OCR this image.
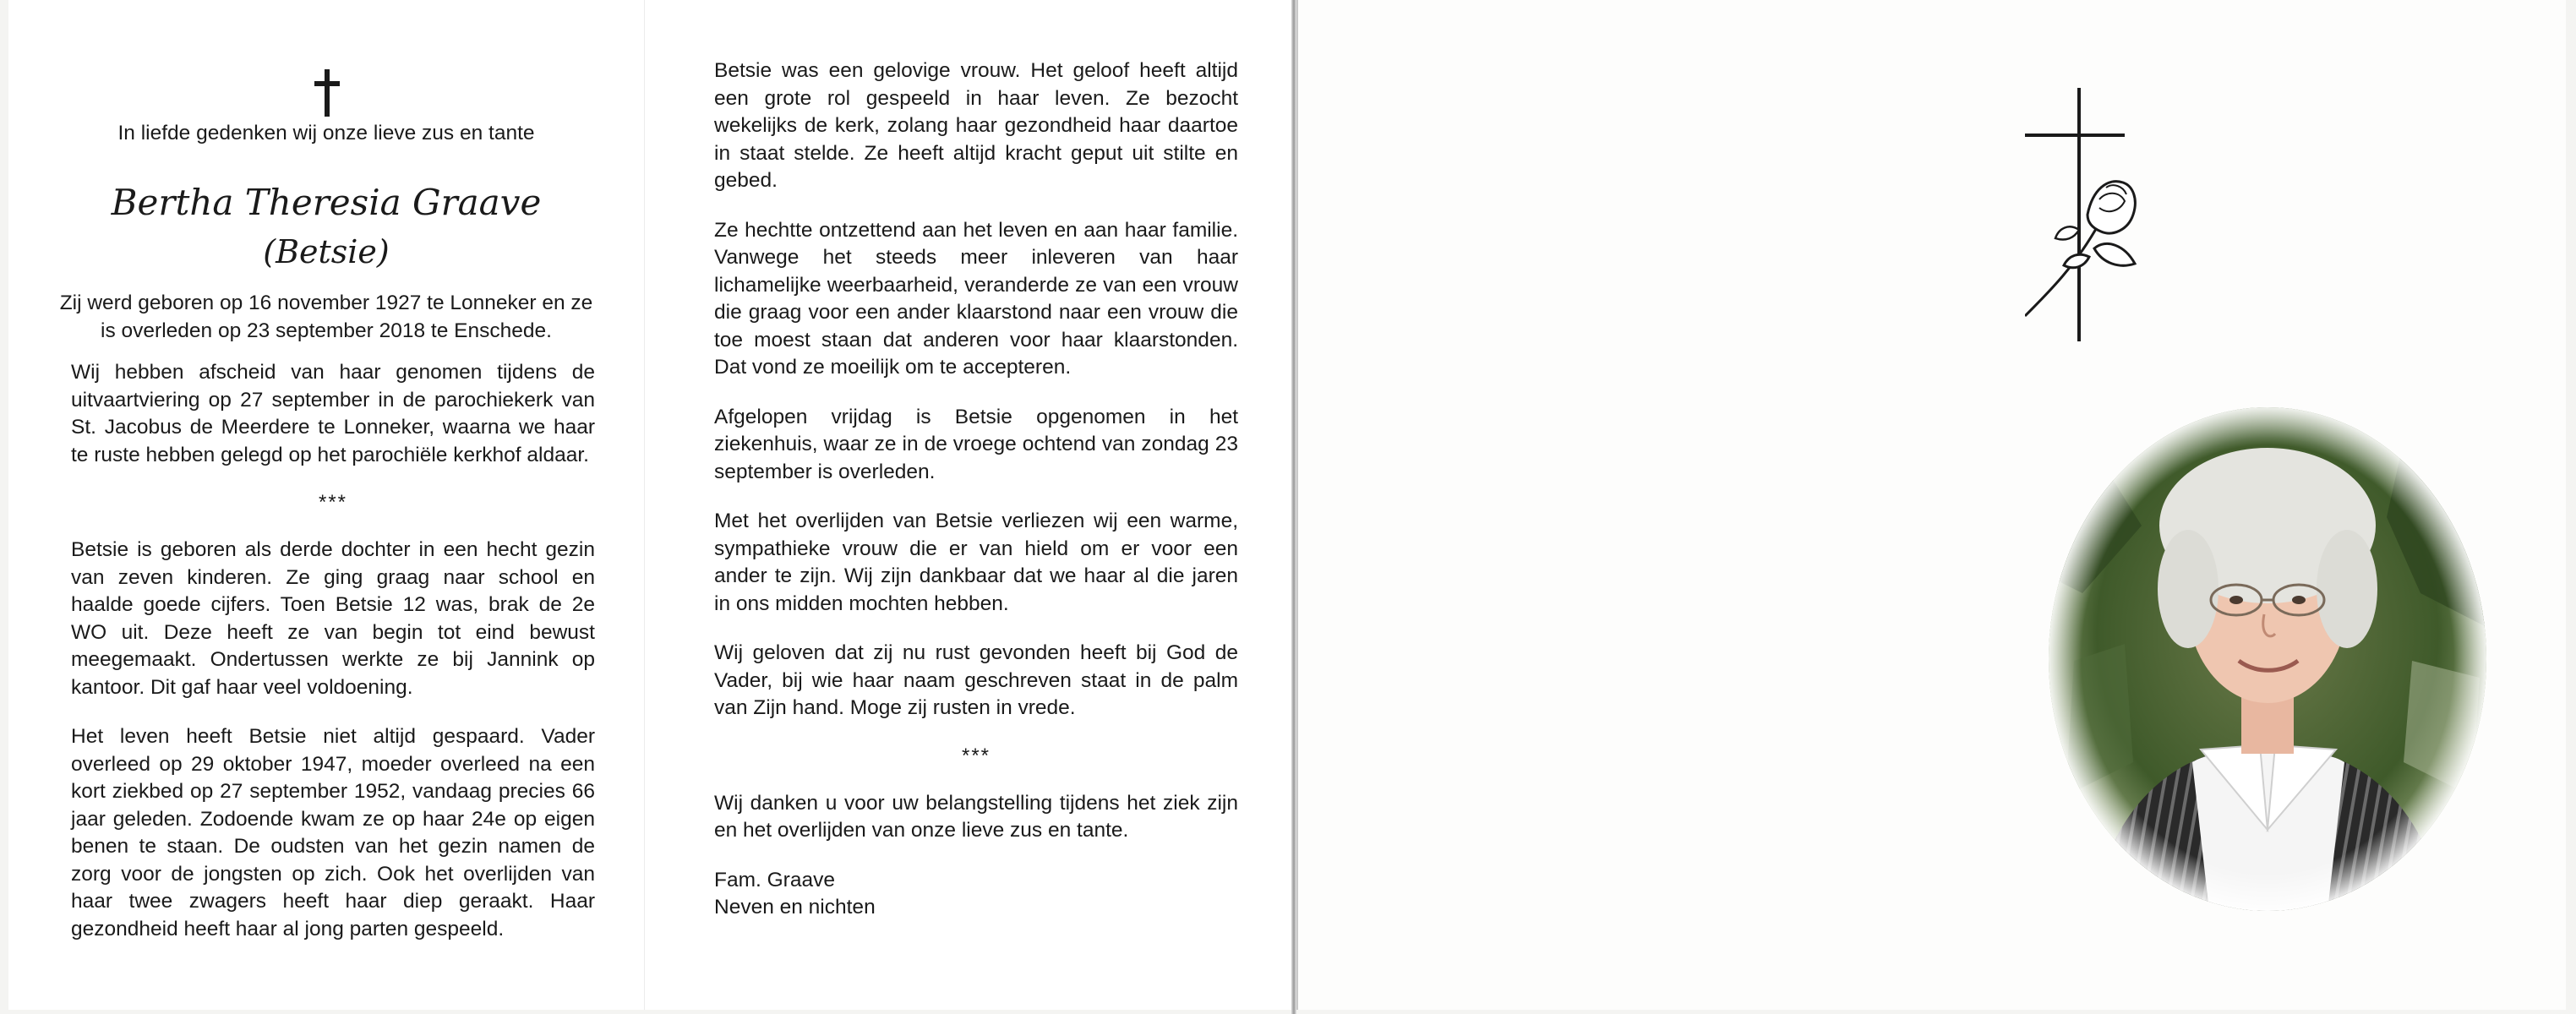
In liefde gedenken wij onze lieve zus en tante
Bertha Theresia Graave
(Betsie)
Zij werd geboren op 16 november 1927 te Lonneker en ze is overleden op 23 september 2018 te Enschede.

Wij hebben afscheid van haar genomen tijdens de uitvaartviering op 27 september in de parochiekerk van St. Jacobus de Meerdere te Lonneker, waarna we haar te ruste hebben gelegd op het parochiële kerkhof aldaar.

***

Betsie is geboren als derde dochter in een hecht gezin van zeven kinderen. Ze ging graag naar school en haalde goede cijfers. Toen Betsie 12 was, brak de 2e WO uit. Deze heeft ze van begin tot eind bewust meegemaakt. Ondertussen werkte ze bij Jannink op kantoor. Dit gaf haar veel voldoening.

Het leven heeft Betsie niet altijd gespaard. Vader overleed op 29 oktober 1947, moeder overleed na een kort ziekbed op 27 september 1952, vandaag precies 66 jaar geleden. Zodoende kwam ze op haar 24e op eigen benen te staan. De oudsten van het gezin namen de zorg voor de jongsten op zich. Ook het overlijden van haar twee zwagers heeft haar diep geraakt. Haar gezondheid heeft haar al jong parten gespeeld.

Betsie was een gelovige vrouw. Het geloof heeft altijd een grote rol gespeeld in haar leven. Ze bezocht wekelijks de kerk, zolang haar gezondheid haar daartoe in staat stelde. Ze heeft altijd kracht geput uit stilte en gebed.

Ze hechtte ontzettend aan het leven en aan haar familie. Vanwege het steeds meer inleveren van haar lichamelijke weerbaarheid, veranderde ze van een vrouw die graag voor een ander klaarstond naar een vrouw die toe moest staan dat anderen voor haar klaarstonden. Dat vond ze moeilijk om te accepteren.

Afgelopen vrijdag is Betsie opgenomen in het ziekenhuis, waar ze in de vroege ochtend van zondag 23 september is overleden.

Met het overlijden van Betsie verliezen wij een warme, sympathieke vrouw die er van hield om er voor een ander te zijn. Wij zijn dankbaar dat we haar al die jaren in ons midden mochten hebben.

Wij geloven dat zij nu rust gevonden heeft bij God de Vader, bij wie haar naam geschreven staat in de palm van Zijn hand. Moge zij rusten in vrede.

***

Wij danken u voor uw belangstelling tijdens het ziek zijn en het overlijden van onze lieve zus en tante.

Fam. Graave
Neven en nichten
